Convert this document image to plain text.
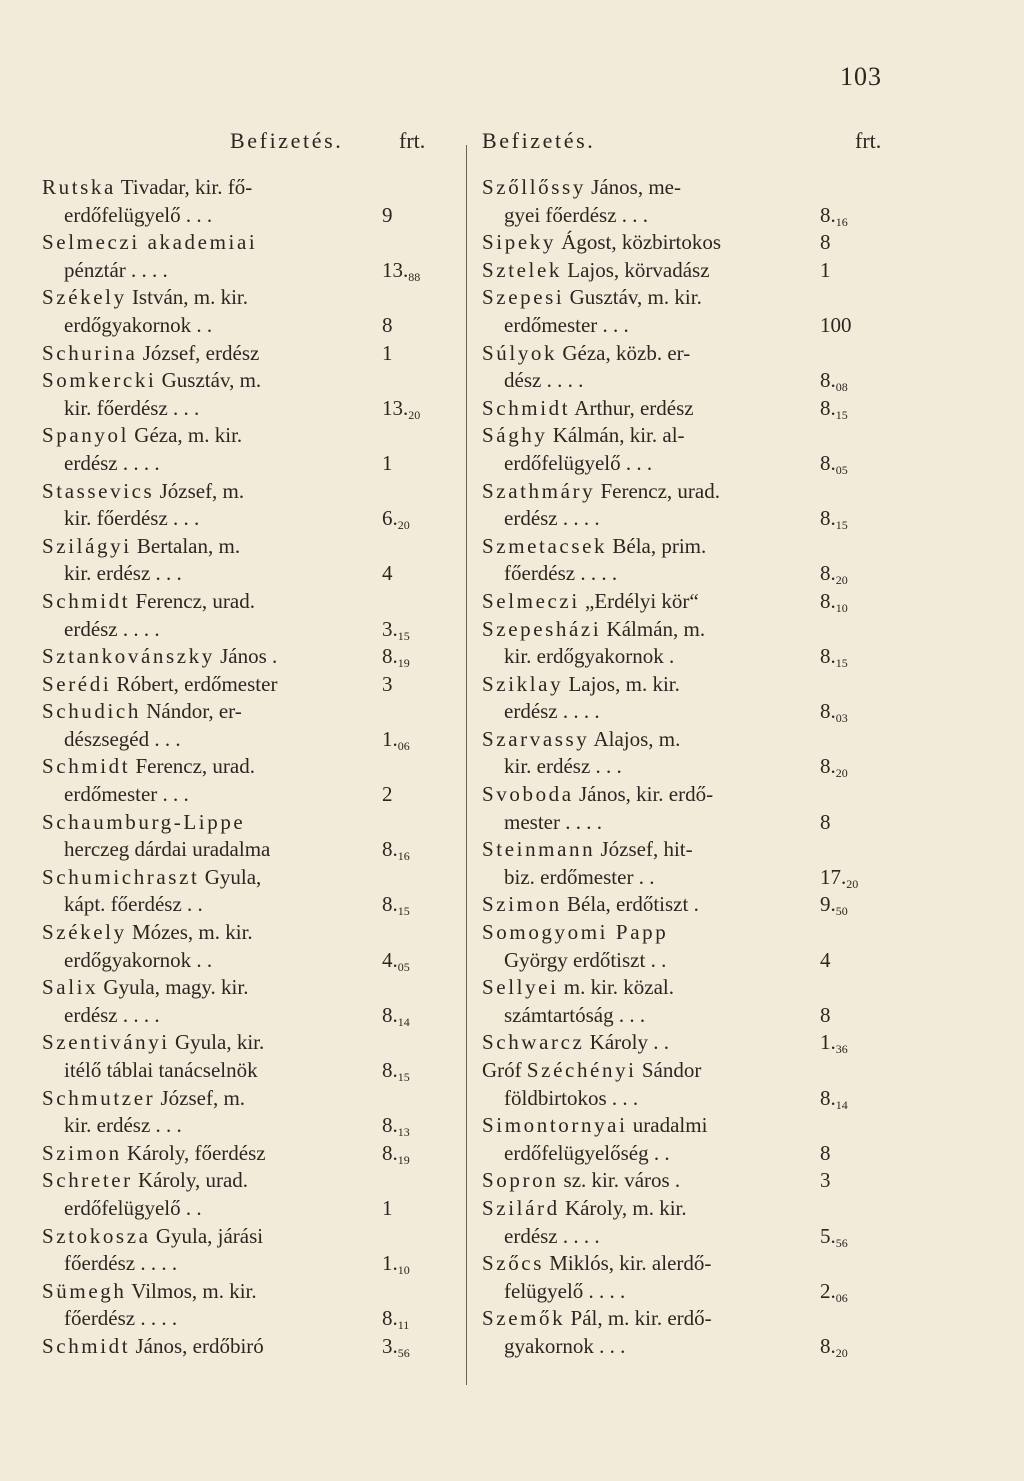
103
Befizetés.	frt.
Rutska Tivadar, kir. fő-
erdőfelügyelő . . .	9
Selmeczi akademiai
pénztár . . . .	$13._{88}$
Székely István, m. kir.
erdőgyakornok . .	8
Schurina József, erdész	1
Somkercki Gusztáv, m.
kir. főerdész . . .	$13._{20}$
Spanyol Géza, m. kir.
erdész . . . .	1
Stassevics József, m.
kir. főerdész . . .	$6._{20}$
Szilágyi Bertalan, m.
kir. erdész . . .	4
Schmidt Ferencz, urad.
erdész . . . .	$3._{15}$
Sztankovánszky János .	$8._{19}$
Serédi Róbert, erdőmester	3
Schudich Nándor, er-
dészsegéd . . .	$1._{06}$
Schmidt Ferencz, urad.
erdőmester . . .	2
Schaumburg-Lippe
herczeg dárdai uradalma	$8._{16}$
Schumichraszt Gyula,
kápt. főerdész . .	$8._{15}$
Székely Mózes, m. kir.
erdőgyakornok . .	$4._{05}$
Salix Gyula, magy. kir.
erdész . . . .	$8._{14}$
Szentiványi Gyula, kir.
itélő táblai tanácselnök	$8._{15}$
Schmutzer József, m.
kir. erdész . . .	$8._{13}$
Szimon Károly, főerdész	$8._{19}$
Schreter Károly, urad.
erdőfelügyelő . .	1
Sztokosza Gyula, járási
főerdész . . . .	$1._{10}$
Sümegh Vilmos, m. kir.
főerdész . . . .	$8._{11}$
Schmidt János, erdőbiró	$3._{56}$
Befizetés.	frt.
Szőllőssy János, me-
gyei főerdész . . .	$8._{16}$
Sipeky Ágost, közbirtokos	8
Sztelek Lajos, körvadász	1
Szepesi Gusztáv, m. kir.
erdőmester . . .	100
Súlyok Géza, közb. er-
dész . . . .	$8._{08}$
Schmidt Arthur, erdész	$8._{15}$
Sághy Kálmán, kir. al-
erdőfelügyelő . . .	$8._{05}$
Szathmáry Ferencz, urad.
erdész . . . .	$8._{15}$
Szmetacsek Béla, prim.
főerdész . . . .	$8._{20}$
Selmeczi „Erdélyi kör“	$8._{10}$
Szepesházi Kálmán, m.
kir. erdőgyakornok .	$8._{15}$
Sziklay Lajos, m. kir.
erdész . . . .	$8._{03}$
Szarvassy Alajos, m.
kir. erdész . . .	$8._{20}$
Svoboda János, kir. erdő-
mester . . . .	8
Steinmann József, hit-
biz. erdőmester . .	$17._{20}$
Szimon Béla, erdőtiszt .	$9._{50}$
Somogyomi Papp
György erdőtiszt . .	4
Sellyei m. kir. közal.
számtartóság . . .	8
Schwarcz Károly . .	$1._{36}$
Gróf Széchényi Sándor
földbirtokos . . .	$8._{14}$
Simontornyai uradalmi
erdőfelügyelőség . .	8
Sopron sz. kir. város .	3
Szilárd Károly, m. kir.
erdész . . . .	$5._{56}$
Szőcs Miklós, kir. alerdő-
felügyelő . . . .	$2._{06}$
Szemők Pál, m. kir. erdő-
gyakornok . . .	$8._{20}$
